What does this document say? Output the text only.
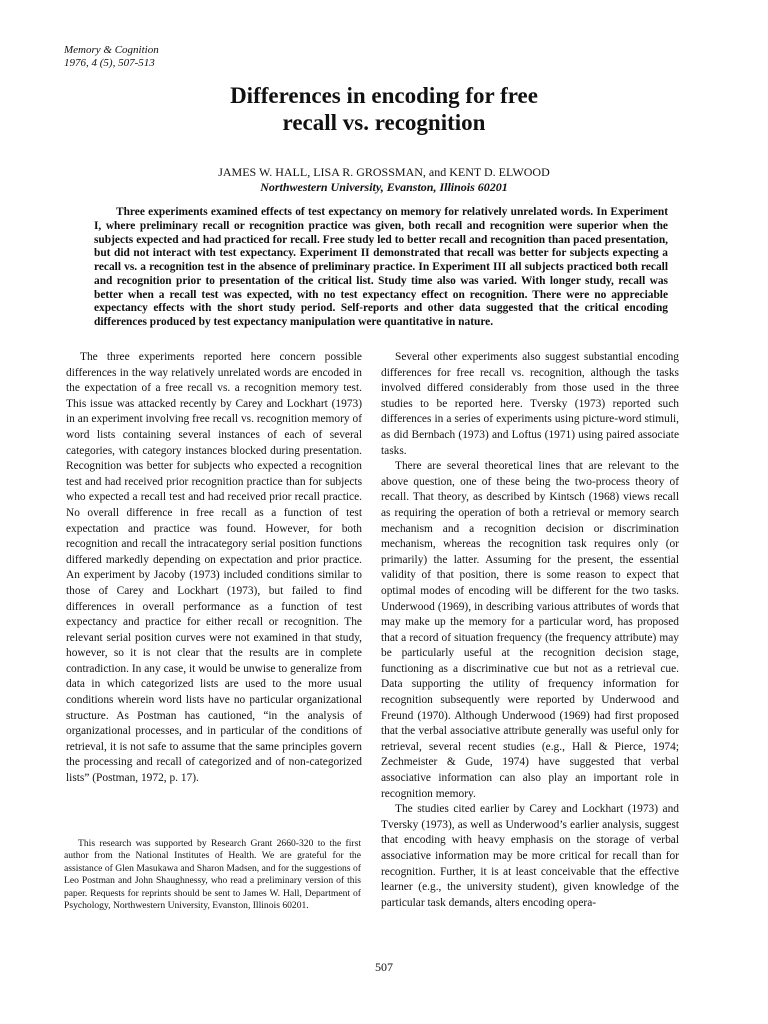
Memory & Cognition
1976, 4 (5), 507-513
Differences in encoding for free
recall vs. recognition
JAMES W. HALL, LISA R. GROSSMAN, and KENT D. ELWOOD
Northwestern University, Evanston, Illinois 60201
Three experiments examined effects of test expectancy on memory for relatively unrelated words. In Experiment I, where preliminary recall or recognition practice was given, both recall and recognition were superior when the subjects expected and had practiced for recall. Free study led to better recall and recognition than paced presentation, but did not interact with test expectancy. Experiment II demonstrated that recall was better for subjects expecting a recall vs. a recognition test in the absence of preliminary practice. In Experiment III all subjects practiced both recall and recognition prior to presentation of the critical list. Study time also was varied. With longer study, recall was better when a recall test was expected, with no test expectancy effect on recognition. There were no appreciable expectancy effects with the short study period. Self-reports and other data suggested that the critical encoding differences produced by test expectancy manipulation were quantitative in nature.

The three experiments reported here concern possible differences in the way relatively unrelated words are encoded in the expectation of a free recall vs. a recognition memory test. This issue was attacked recently by Carey and Lockhart (1973) in an experiment involving free recall vs. recognition memory of word lists containing several instances of each of several categories, with category instances blocked during presentation. Recognition was better for subjects who expected a recognition test and had received prior recognition practice than for subjects who expected a recall test and had received prior recall practice. No overall difference in free recall as a function of test expectation and practice was found. However, for both recognition and recall the intracategory serial position functions differed markedly depending on expectation and prior practice. An experiment by Jacoby (1973) included conditions similar to those of Carey and Lockhart (1973), but failed to find differences in overall performance as a function of test expectancy and practice for either recall or recognition. The relevant serial position curves were not examined in that study, however, so it is not clear that the results are in complete contradiction. In any case, it would be unwise to generalize from data in which categorized lists are used to the more usual conditions wherein word lists have no particular organizational structure. As Postman has cautioned, “in the analysis of organizational processes, and in particular of the conditions of retrieval, it is not safe to assume that the same principles govern the processing and recall of categorized and of non-categorized lists” (Postman, 1972, p. 17).

Several other experiments also suggest substantial encoding differences for free recall vs. recognition, although the tasks involved differed considerably from those used in the three studies to be reported here. Tversky (1973) reported such differences in a series of experiments using picture-word stimuli, as did Bernbach (1973) and Loftus (1971) using paired associate tasks.

There are several theoretical lines that are relevant to the above question, one of these being the two-process theory of recall. That theory, as described by Kintsch (1968) views recall as requiring the operation of both a retrieval or memory search mechanism and a recognition decision or discrimination mechanism, whereas the recognition task requires only (or primarily) the latter. Assuming for the present, the essential validity of that position, there is some reason to expect that optimal modes of encoding will be different for the two tasks. Underwood (1969), in describing various attributes of words that may make up the memory for a particular word, has proposed that a record of situation frequency (the frequency attribute) may be particularly useful at the recognition decision stage, functioning as a discriminative cue but not as a retrieval cue. Data supporting the utility of frequency information for recognition subsequently were reported by Underwood and Freund (1970). Although Underwood (1969) had first proposed that the verbal associative attribute generally was useful only for retrieval, several recent studies (e.g., Hall & Pierce, 1974; Zechmeister & Gude, 1974) have suggested that verbal associative information can also play an important role in recognition memory.

The studies cited earlier by Carey and Lockhart (1973) and Tversky (1973), as well as Underwood’s earlier analysis, suggest that encoding with heavy emphasis on the storage of verbal associative information may be more critical for recall than for recognition. Further, it is at least conceivable that the effective learner (e.g., the university student), given knowledge of the particular task demands, alters encoding opera-

This research was supported by Research Grant 2660-320 to the first author from the National Institutes of Health. We are grateful for the assistance of Glen Masukawa and Sharon Madsen, and for the suggestions of Leo Postman and John Shaughnessy, who read a preliminary version of this paper. Requests for reprints should be sent to James W. Hall, Department of Psychology, Northwestern University, Evanston, Illinois 60201.
507
